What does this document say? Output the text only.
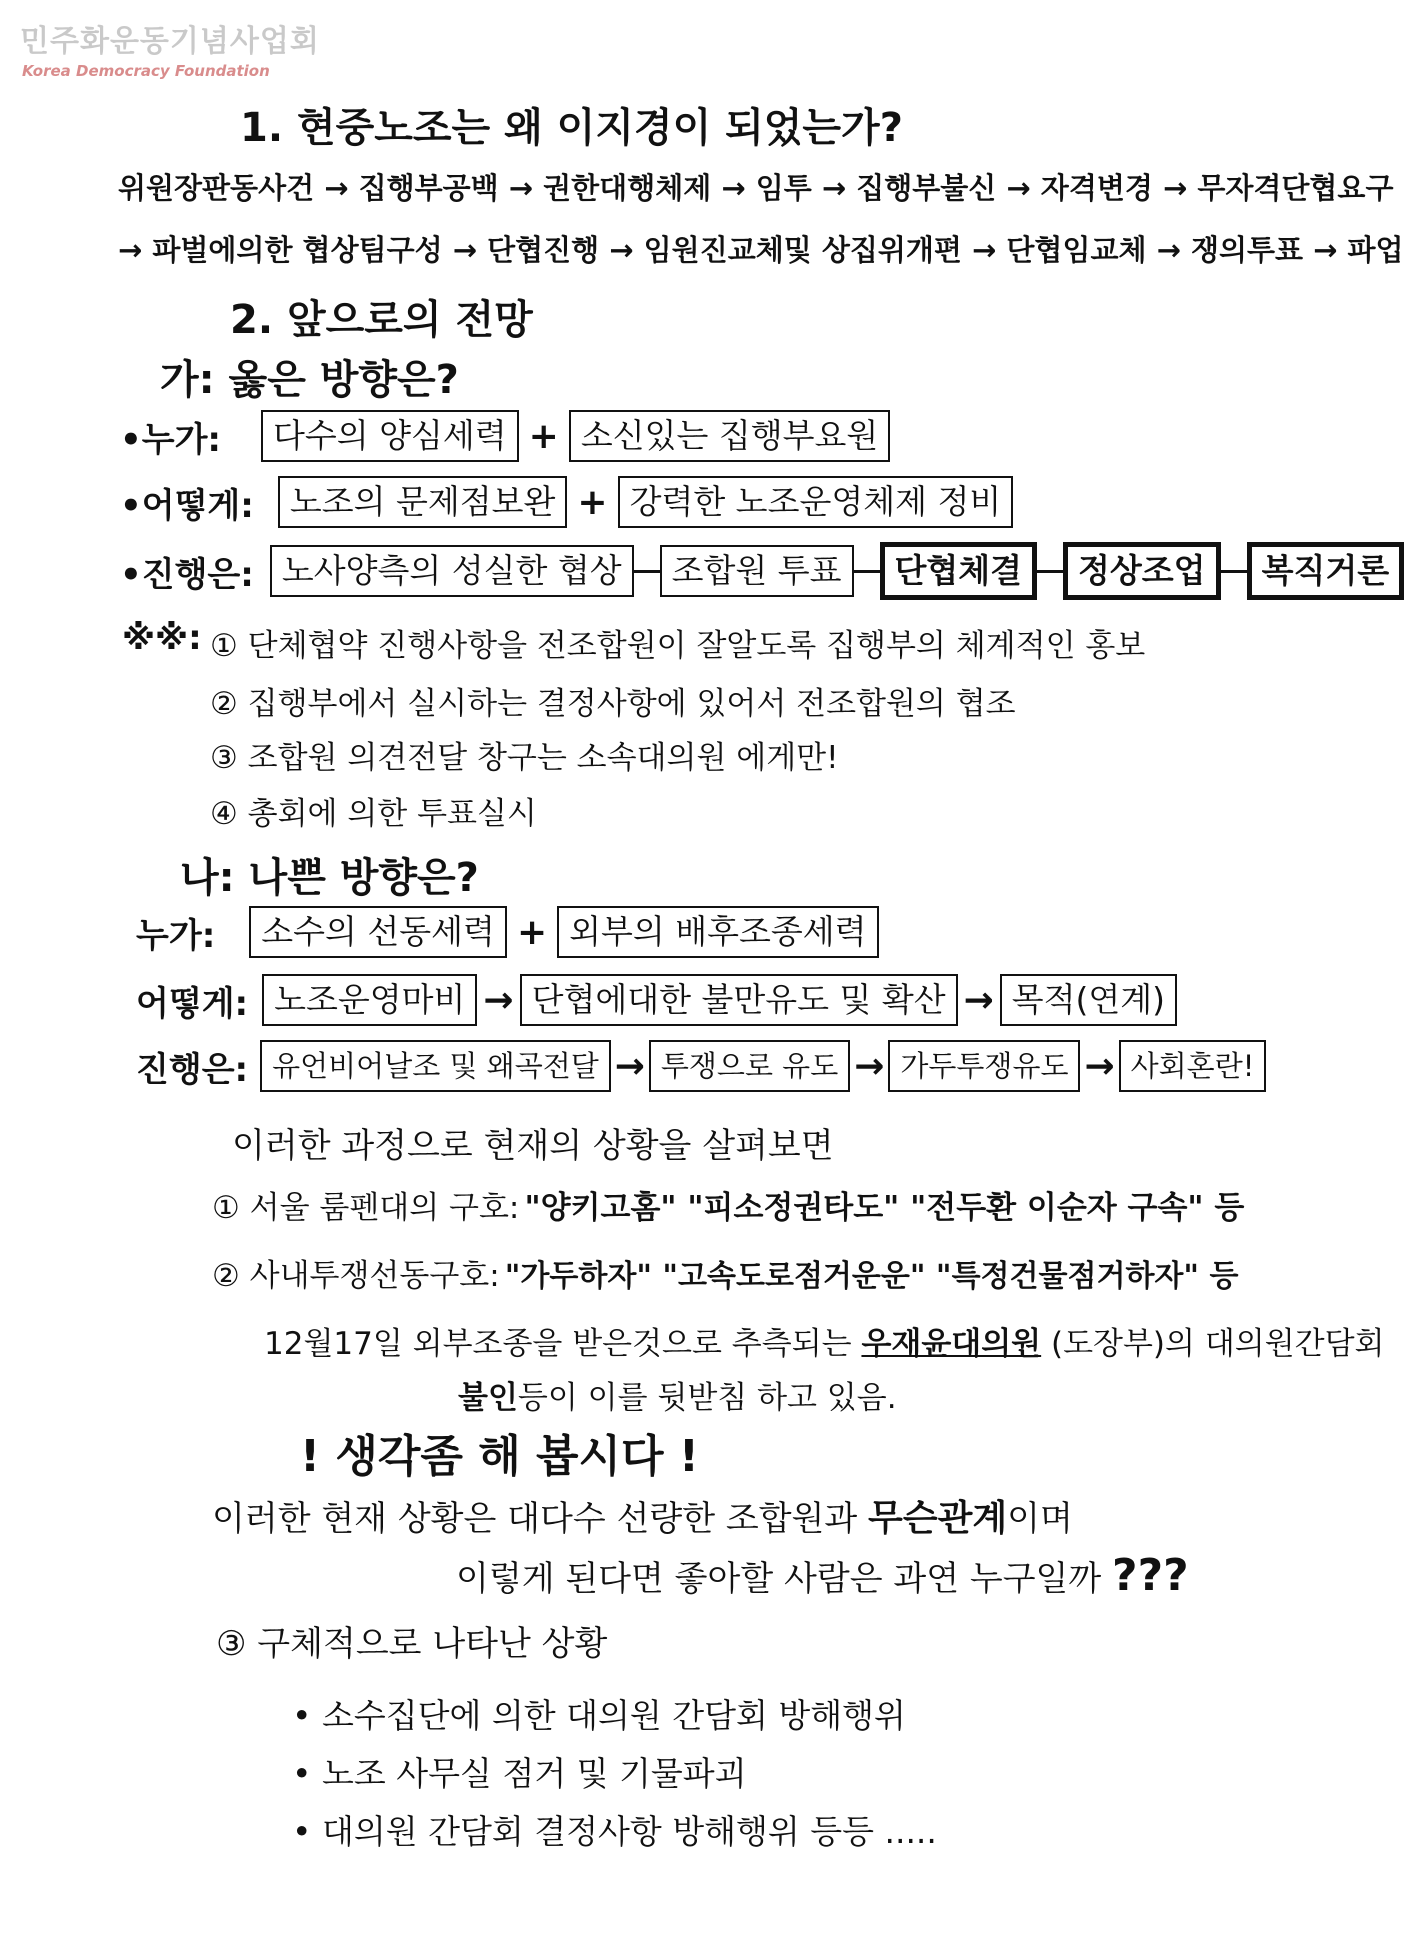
민주화운동기념사업회
Korea Democracy Foundation
1. 현중노조는 왜 이지경이 되었는가?
위원장판동사건 → 집행부공백 → 권한대행체제 → 임투 → 집행부불신 → 자격변경 → 무자격단협요구
→ 파벌에의한 협상팀구성 → 단협진행 → 임원진교체및 상집위개편 → 단협임교체 → 쟁의투표 → 파업
2. 앞으로의 전망
가: 옳은 방향은?
•누가:	다수의 양심세력 + 소신있는 집행부요원
•어떻게:	노조의 문제점보완 + 강력한 노조운영체제 정비
•진행은: 노사양측의 성실한 협상	조합원 투표	단협체결	정상조업	복직거론
※※: ① 단체협약 진행사항을 전조합원이 잘알도록 집행부의 체계적인 홍보
② 집행부에서 실시하는 결정사항에 있어서 전조합원의 협조
③ 조합원 의견전달 창구는 소속대의원 에게만!
④ 총회에 의한 투표실시
나: 나쁜 방향은?
누가:	소수의 선동세력 + 외부의 배후조종세력
어떻게: 노조운영마비 → 단협에대한 불만유도 및 확산 → 목적(연계)
진행은: 유언비어날조 및 왜곡전달 → 투쟁으로 유도 → 가두투쟁유도 → 사회혼란!
이러한 과정으로 현재의 상황을 살펴보면
① 서울 룸펜대의 구호: "양키고홈" "피소정권타도" "전두환 이순자 구속" 등
② 사내투쟁선동구호: "가두하자" "고속도로점거운운" "특정건물점거하자" 등
12월17일 외부조종을 받은것으로 추측되는 우재윤대의원 (도장부)의 대의원간담회
불인등이 이를 뒷받침 하고 있음.
! 생각좀 해 봅시다 !
이러한 현재 상황은 대다수 선량한 조합원과 무슨관계이며
이렇게 된다면 좋아할 사람은 과연 누구일까 ???
③ 구체적으로 나타난 상황
• 소수집단에 의한 대의원 간담회 방해행위
• 노조 사무실 점거 및 기물파괴
• 대의원 간담회 결정사항 방해행위 등등 .....
